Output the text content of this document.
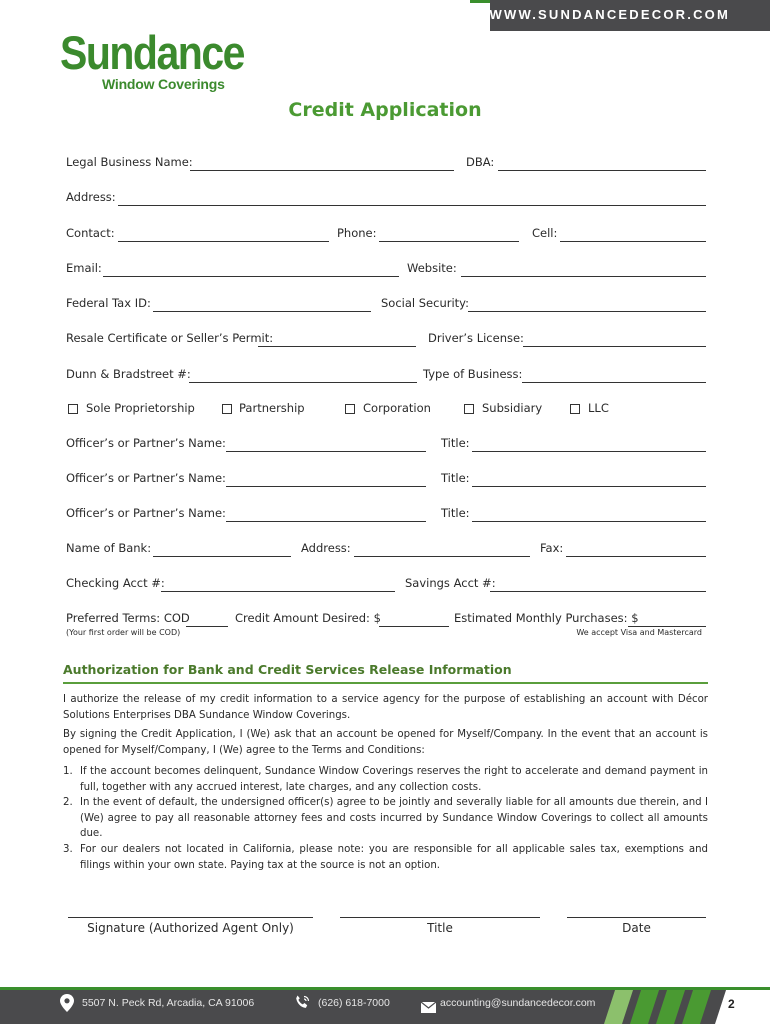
WWW.SUNDANCEDECOR.COM
Sundance
Window Coverings
Credit Application
Legal Business Name:	DBA:
Address:
Contact:	Phone:	Cell:
Email:	Website:
Federal Tax ID:	Social Security:
Resale Certificate or Seller’s Permit:	Driver’s License:
Dunn & Bradstreet #:	Type of Business:
Sole Proprietorship	Partnership	Corporation	Subsidiary	LLC
Officer’s or Partner’s Name:	Title:
Officer’s or Partner’s Name:	Title:
Officer’s or Partner’s Name:	Title:
Name of Bank:	Address:	Fax:
Checking Acct #:	Savings Acct #:
Preferred Terms: COD	Credit Amount Desired: $	Estimated Monthly Purchases: $
(Your first order will be COD)	We accept Visa and Mastercard
Authorization for Bank and Credit Services Release Information
I authorize the release of my credit information to a service agency for the purpose of establishing an account with Décor Solutions Enterprises DBA Sundance Window Coverings.
By signing the Credit Application, I (We) ask that an account be opened for Myself/Company. In the event that an account is opened for Myself/Company, I (We) agree to the Terms and Conditions:
1. If the account becomes delinquent, Sundance Window Coverings reserves the right to accelerate and demand payment in full, together with any accrued interest, late charges, and any collection costs.
2. In the event of default, the undersigned officer(s) agree to be jointly and severally liable for all amounts due therein, and I (We) agree to pay all reasonable attorney fees and costs incurred by Sundance Window Coverings to collect all amounts due.
3. For our dealers not located in California, please note: you are responsible for all applicable sales tax, exemptions and filings within your own state. Paying tax at the source is not an option.
Signature (Authorized Agent Only)	Title	Date
5507 N. Peck Rd, Arcadia, CA 91006	(626) 618-7000	accounting@sundancedecor.com	2
